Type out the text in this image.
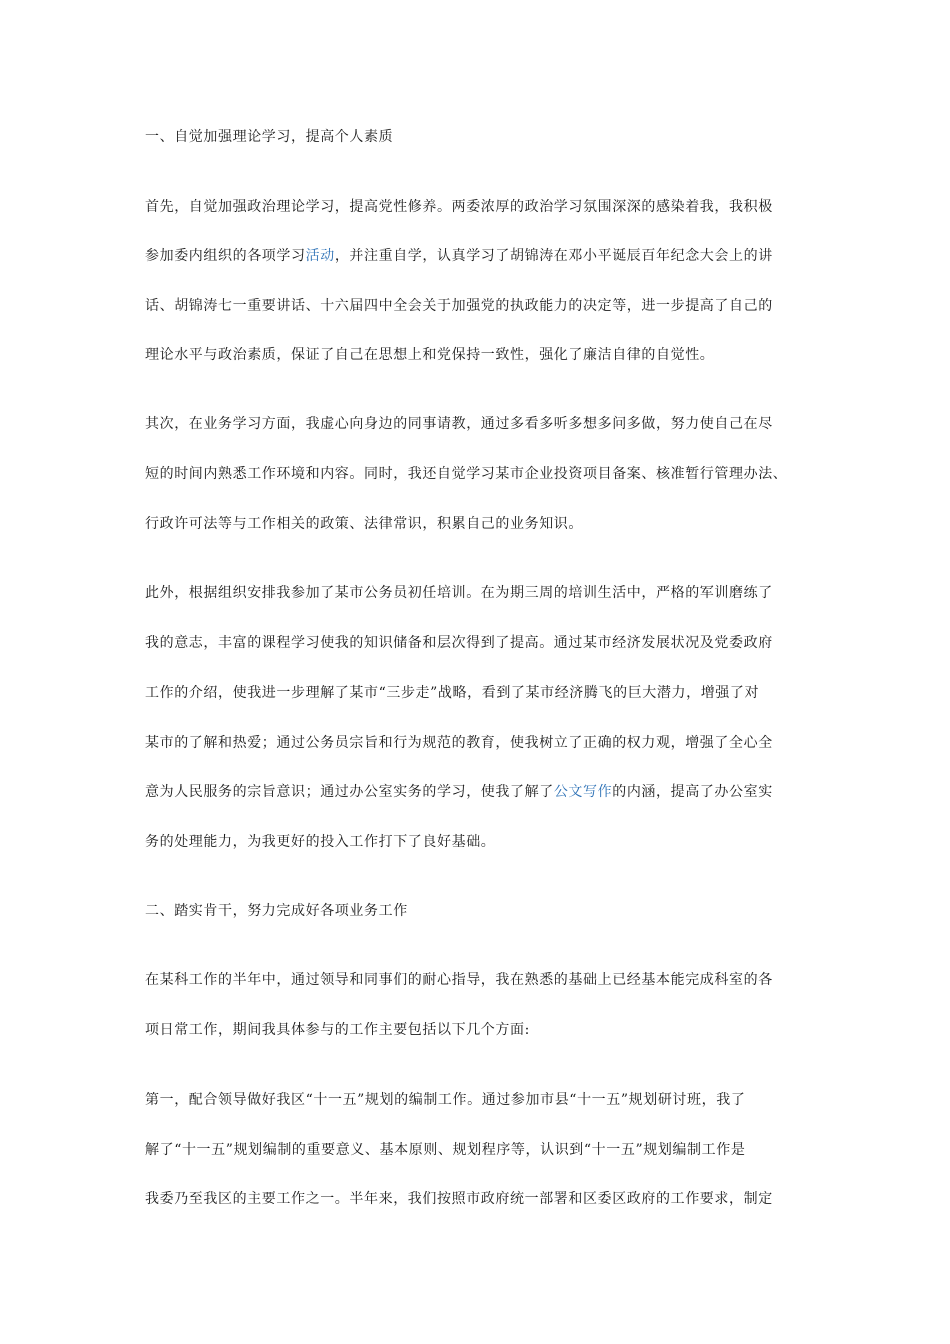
一、自觉加强理论学习，提高个人素质
首先，自觉加强政治理论学习，提高党性修养。两委浓厚的政治学习氛围深深的感染着我，我积极
参加委内组织的各项学习活动，并注重自学，认真学习了胡锦涛在邓小平诞辰百年纪念大会上的讲
话、胡锦涛七一重要讲话、十六届四中全会关于加强党的执政能力的决定等，进一步提高了自己的
理论水平与政治素质，保证了自己在思想上和党保持一致性，强化了廉洁自律的自觉性。
其次，在业务学习方面，我虚心向身边的同事请教，通过多看多听多想多问多做，努力使自己在尽
短的时间内熟悉工作环境和内容。同时，我还自觉学习某市企业投资项目备案、核准暂行管理办法、
行政许可法等与工作相关的政策、法律常识，积累自己的业务知识。
此外，根据组织安排我参加了某市公务员初任培训。在为期三周的培训生活中，严格的军训磨练了
我的意志，丰富的课程学习使我的知识储备和层次得到了提高。通过某市经济发展状况及党委政府
工作的介绍，使我进一步理解了某市“三步走”战略，看到了某市经济腾飞的巨大潜力，增强了对
某市的了解和热爱；通过公务员宗旨和行为规范的教育，使我树立了正确的权力观，增强了全心全
意为人民服务的宗旨意识；通过办公室实务的学习，使我了解了公文写作的内涵，提高了办公室实
务的处理能力，为我更好的投入工作打下了良好基础。
二、踏实肯干，努力完成好各项业务工作
在某科工作的半年中，通过领导和同事们的耐心指导，我在熟悉的基础上已经基本能完成科室的各
项日常工作，期间我具体参与的工作主要包括以下几个方面:
第一，配合领导做好我区“十一五”规划的编制工作。通过参加市县“十一五”规划研讨班，我了
解了“十一五”规划编制的重要意义、基本原则、规划程序等，认识到“十一五”规划编制工作是
我委乃至我区的主要工作之一。半年来，我们按照市政府统一部署和区委区政府的工作要求，制定
